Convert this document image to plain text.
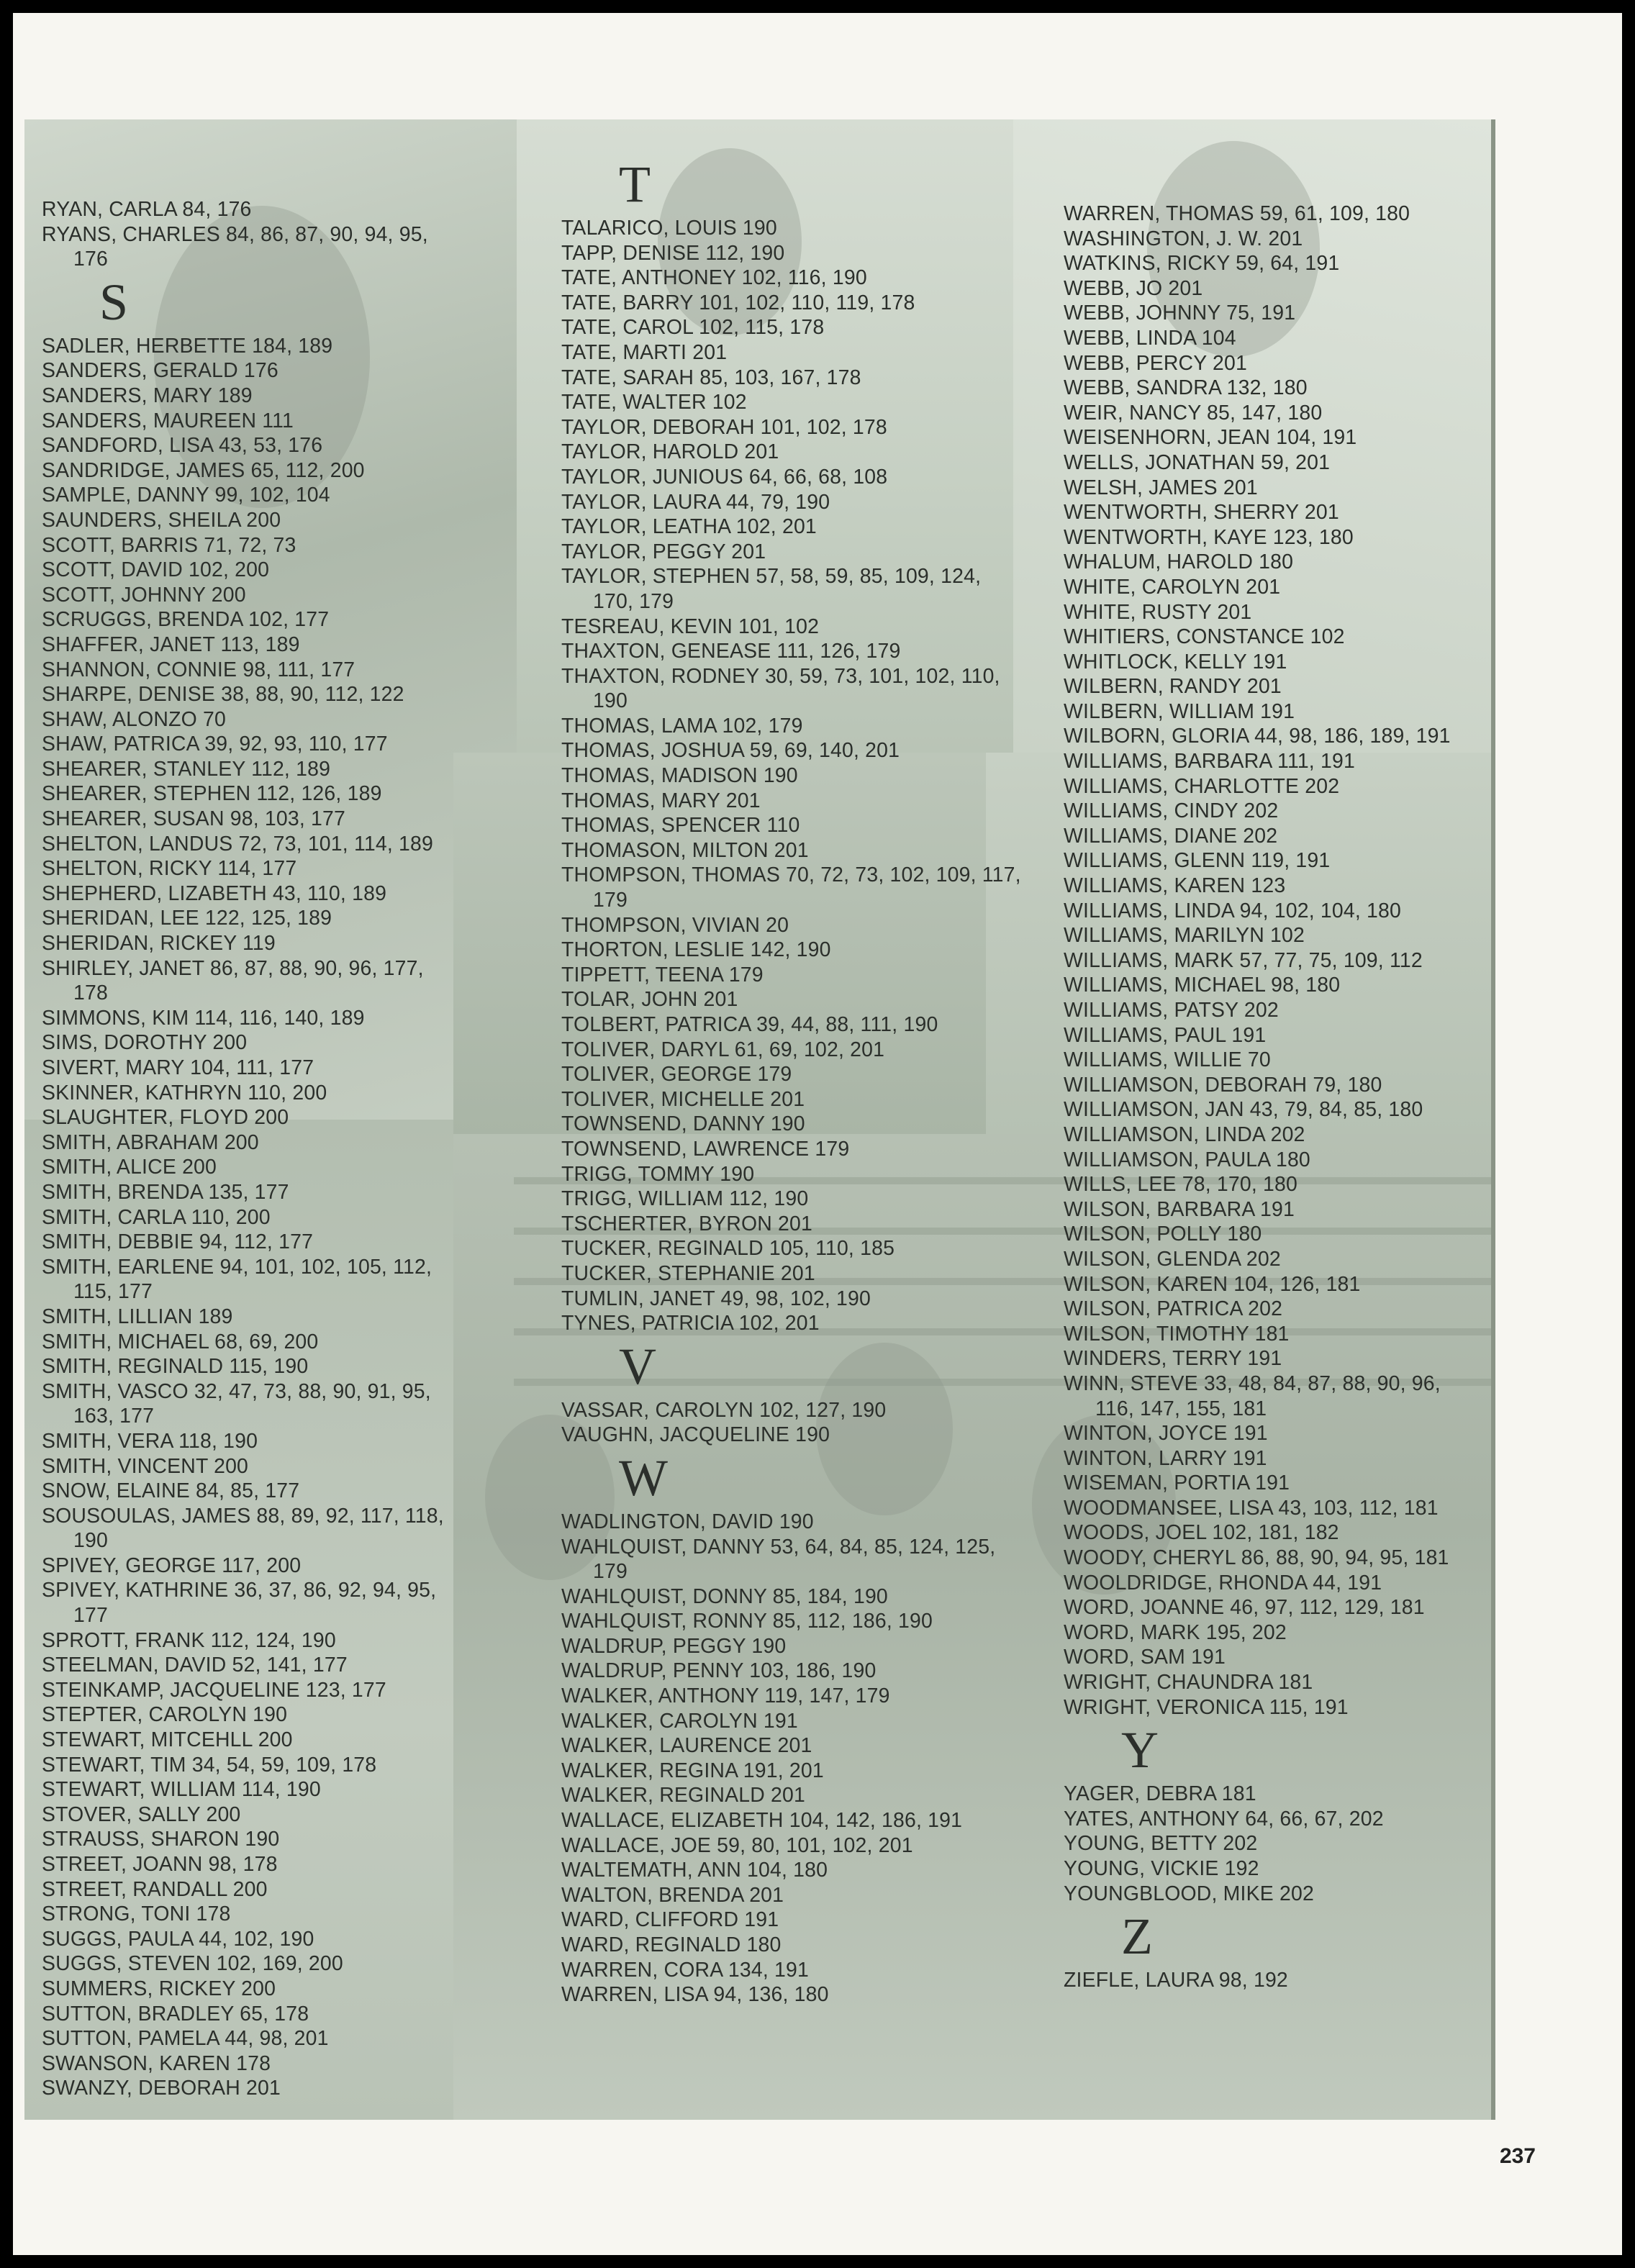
RYAN, CARLA 84, 176
RYANS, CHARLES 84, 86, 87, 90, 94, 95, 176
S
SADLER, HERBETTE 184, 189
SANDERS, GERALD 176
SANDERS, MARY 189
SANDERS, MAUREEN 111
SANDFORD, LISA 43, 53, 176
SANDRIDGE, JAMES 65, 112, 200
SAMPLE, DANNY 99, 102, 104
SAUNDERS, SHEILA 200
SCOTT, BARRIS 71, 72, 73
SCOTT, DAVID 102, 200
SCOTT, JOHNNY 200
SCRUGGS, BRENDA 102, 177
SHAFFER, JANET 113, 189
SHANNON, CONNIE 98, 111, 177
SHARPE, DENISE 38, 88, 90, 112, 122
SHAW, ALONZO 70
SHAW, PATRICA 39, 92, 93, 110, 177
SHEARER, STANLEY 112, 189
SHEARER, STEPHEN 112, 126, 189
SHEARER, SUSAN 98, 103, 177
SHELTON, LANDUS 72, 73, 101, 114, 189
SHELTON, RICKY 114, 177
SHEPHERD, LIZABETH 43, 110, 189
SHERIDAN, LEE 122, 125, 189
SHERIDAN, RICKEY 119
SHIRLEY, JANET 86, 87, 88, 90, 96, 177, 178
SIMMONS, KIM 114, 116, 140, 189
SIMS, DOROTHY 200
SIVERT, MARY 104, 111, 177
SKINNER, KATHRYN 110, 200
SLAUGHTER, FLOYD 200
SMITH, ABRAHAM 200
SMITH, ALICE 200
SMITH, BRENDA 135, 177
SMITH, CARLA 110, 200
SMITH, DEBBIE 94, 112, 177
SMITH, EARLENE 94, 101, 102, 105, 112, 115, 177
SMITH, LILLIAN 189
SMITH, MICHAEL 68, 69, 200
SMITH, REGINALD 115, 190
SMITH, VASCO 32, 47, 73, 88, 90, 91, 95, 163, 177
SMITH, VERA 118, 190
SMITH, VINCENT 200
SNOW, ELAINE 84, 85, 177
SOUSOULAS, JAMES 88, 89, 92, 117, 118, 190
SPIVEY, GEORGE 117, 200
SPIVEY, KATHRINE 36, 37, 86, 92, 94, 95, 177
SPROTT, FRANK 112, 124, 190
STEELMAN, DAVID 52, 141, 177
STEINKAMP, JACQUELINE 123, 177
STEPTER, CAROLYN 190
STEWART, MITCEHLL 200
STEWART, TIM 34, 54, 59, 109, 178
STEWART, WILLIAM 114, 190
STOVER, SALLY 200
STRAUSS, SHARON 190
STREET, JOANN 98, 178
STREET, RANDALL 200
STRONG, TONI 178
SUGGS, PAULA 44, 102, 190
SUGGS, STEVEN 102, 169, 200
SUMMERS, RICKEY 200
SUTTON, BRADLEY 65, 178
SUTTON, PAMELA 44, 98, 201
SWANSON, KAREN 178
SWANZY, DEBORAH 201
T
TALARICO, LOUIS 190
TAPP, DENISE 112, 190
TATE, ANTHONEY 102, 116, 190
TATE, BARRY 101, 102, 110, 119, 178
TATE, CAROL 102, 115, 178
TATE, MARTI 201
TATE, SARAH 85, 103, 167, 178
TATE, WALTER 102
TAYLOR, DEBORAH 101, 102, 178
TAYLOR, HAROLD 201
TAYLOR, JUNIOUS 64, 66, 68, 108
TAYLOR, LAURA 44, 79, 190
TAYLOR, LEATHA 102, 201
TAYLOR, PEGGY 201
TAYLOR, STEPHEN 57, 58, 59, 85, 109, 124, 170, 179
TESREAU, KEVIN 101, 102
THAXTON, GENEASE 111, 126, 179
THAXTON, RODNEY 30, 59, 73, 101, 102, 110, 190
THOMAS, LAMA 102, 179
THOMAS, JOSHUA 59, 69, 140, 201
THOMAS, MADISON 190
THOMAS, MARY 201
THOMAS, SPENCER 110
THOMASON, MILTON 201
THOMPSON, THOMAS 70, 72, 73, 102, 109, 117, 179
THOMPSON, VIVIAN 20
THORTON, LESLIE 142, 190
TIPPETT, TEENA 179
TOLAR, JOHN 201
TOLBERT, PATRICA 39, 44, 88, 111, 190
TOLIVER, DARYL 61, 69, 102, 201
TOLIVER, GEORGE 179
TOLIVER, MICHELLE 201
TOWNSEND, DANNY 190
TOWNSEND, LAWRENCE 179
TRIGG, TOMMY 190
TRIGG, WILLIAM 112, 190
TSCHERTER, BYRON 201
TUCKER, REGINALD 105, 110, 185
TUCKER, STEPHANIE 201
TUMLIN, JANET 49, 98, 102, 190
TYNES, PATRICIA 102, 201
V
VASSAR, CAROLYN 102, 127, 190
VAUGHN, JACQUELINE 190
W
WADLINGTON, DAVID 190
WAHLQUIST, DANNY 53, 64, 84, 85, 124, 125, 179
WAHLQUIST, DONNY 85, 184, 190
WAHLQUIST, RONNY 85, 112, 186, 190
WALDRUP, PEGGY 190
WALDRUP, PENNY 103, 186, 190
WALKER, ANTHONY 119, 147, 179
WALKER, CAROLYN 191
WALKER, LAURENCE 201
WALKER, REGINA 191, 201
WALKER, REGINALD 201
WALLACE, ELIZABETH 104, 142, 186, 191
WALLACE, JOE 59, 80, 101, 102, 201
WALTEMATH, ANN 104, 180
WALTON, BRENDA 201
WARD, CLIFFORD 191
WARD, REGINALD 180
WARREN, CORA 134, 191
WARREN, LISA 94, 136, 180
WARREN, THOMAS 59, 61, 109, 180
WASHINGTON, J. W. 201
WATKINS, RICKY 59, 64, 191
WEBB, JO 201
WEBB, JOHNNY 75, 191
WEBB, LINDA 104
WEBB, PERCY 201
WEBB, SANDRA 132, 180
WEIR, NANCY 85, 147, 180
WEISENHORN, JEAN 104, 191
WELLS, JONATHAN 59, 201
WELSH, JAMES 201
WENTWORTH, SHERRY 201
WENTWORTH, KAYE 123, 180
WHALUM, HAROLD 180
WHITE, CAROLYN 201
WHITE, RUSTY 201
WHITIERS, CONSTANCE 102
WHITLOCK, KELLY 191
WILBERN, RANDY 201
WILBERN, WILLIAM 191
WILBORN, GLORIA 44, 98, 186, 189, 191
WILLIAMS, BARBARA 111, 191
WILLIAMS, CHARLOTTE 202
WILLIAMS, CINDY 202
WILLIAMS, DIANE 202
WILLIAMS, GLENN 119, 191
WILLIAMS, KAREN 123
WILLIAMS, LINDA 94, 102, 104, 180
WILLIAMS, MARILYN 102
WILLIAMS, MARK 57, 77, 75, 109, 112
WILLIAMS, MICHAEL 98, 180
WILLIAMS, PATSY 202
WILLIAMS, PAUL 191
WILLIAMS, WILLIE 70
WILLIAMSON, DEBORAH 79, 180
WILLIAMSON, JAN 43, 79, 84, 85, 180
WILLIAMSON, LINDA 202
WILLIAMSON, PAULA 180
WILLS, LEE 78, 170, 180
WILSON, BARBARA 191
WILSON, POLLY 180
WILSON, GLENDA 202
WILSON, KAREN 104, 126, 181
WILSON, PATRICA 202
WILSON, TIMOTHY 181
WINDERS, TERRY 191
WINN, STEVE 33, 48, 84, 87, 88, 90, 96, 116, 147, 155, 181
WINTON, JOYCE 191
WINTON, LARRY 191
WISEMAN, PORTIA 191
WOODMANSEE, LISA 43, 103, 112, 181
WOODS, JOEL 102, 181, 182
WOODY, CHERYL 86, 88, 90, 94, 95, 181
WOOLDRIDGE, RHONDA 44, 191
WORD, JOANNE 46, 97, 112, 129, 181
WORD, MARK 195, 202
WORD, SAM 191
WRIGHT, CHAUNDRA 181
WRIGHT, VERONICA 115, 191
Y
YAGER, DEBRA 181
YATES, ANTHONY 64, 66, 67, 202
YOUNG, BETTY 202
YOUNG, VICKIE 192
YOUNGBLOOD, MIKE 202
Z
ZIEFLE, LAURA 98, 192
237
